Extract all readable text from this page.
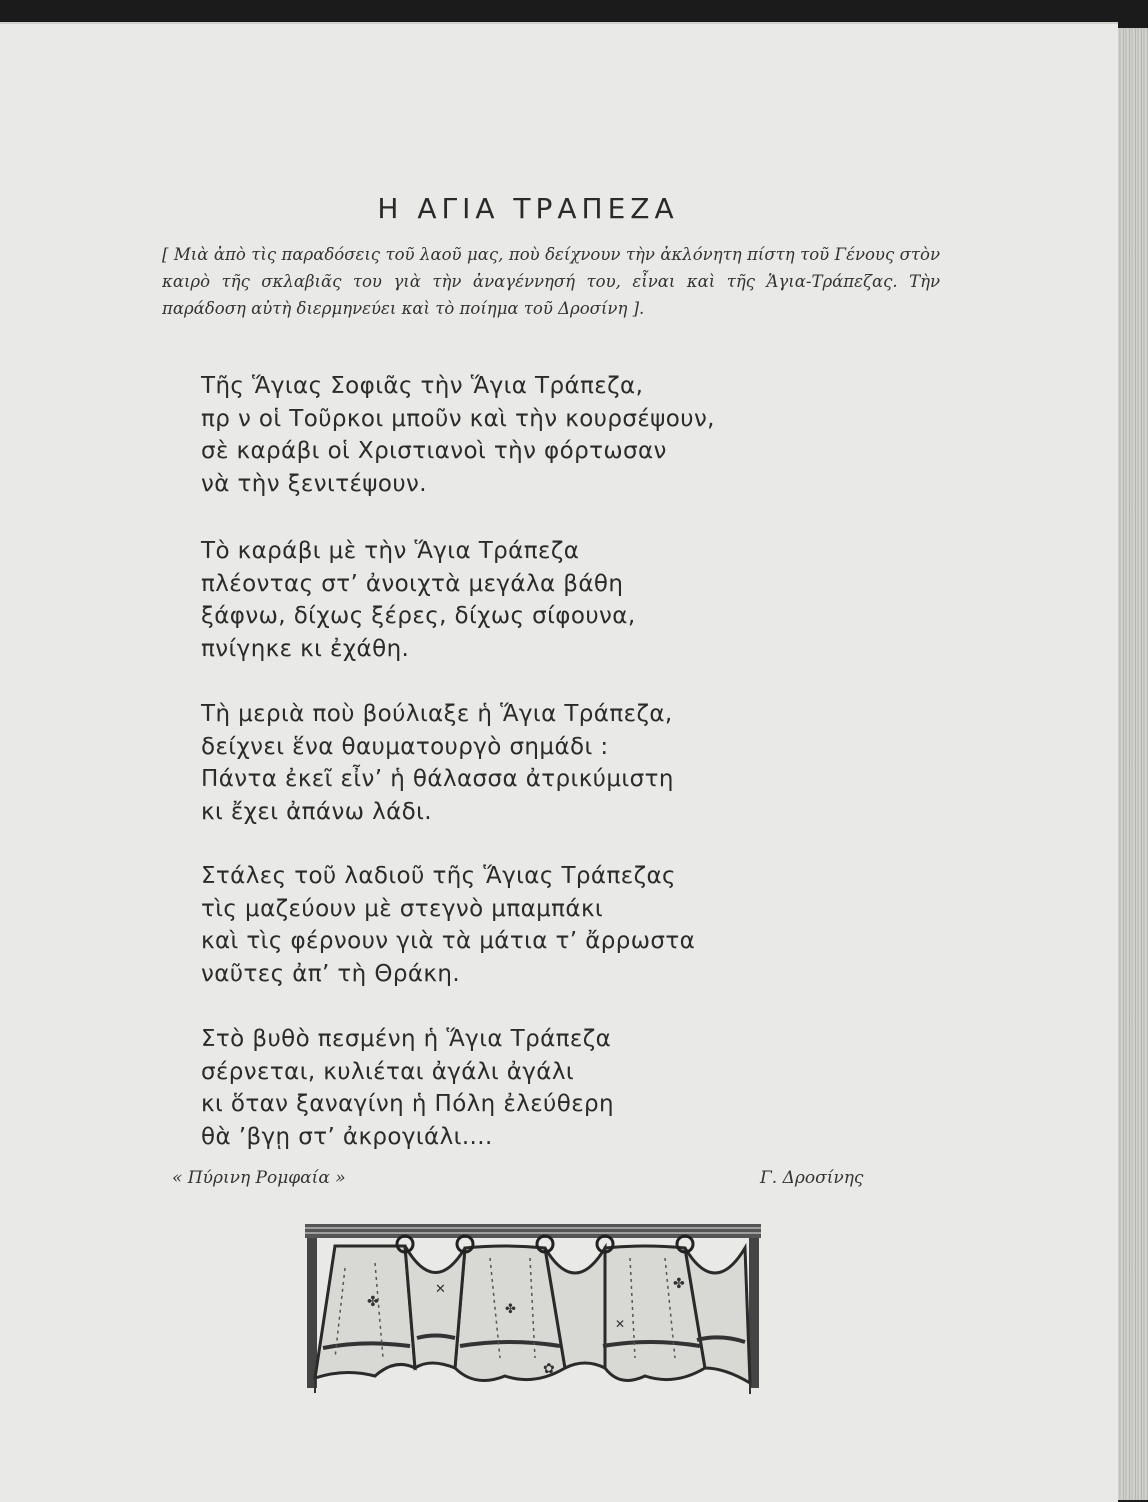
Η ΑΓΙΑ ΤΡΑΠΕΖΑ
[ Μιὰ ἀπὸ τὶς παραδόσεις τοῦ λαοῦ μας, ποὺ δείχνουν τὴν ἀκλόνητη πίστη τοῦ Γένους στὸν καιρὸ τῆς σκλαβιᾶς του γιὰ τὴν ἀναγέννησή του, εἶναι καὶ τῆς Ἁγια-Τράπεζας. Τὴν παράδοση αὐτὴ διερμηνεύει καὶ τὸ ποίημα τοῦ Δροσίνη ].
Τῆς Ἅγιας Σοφιᾶς τὴν Ἅγια Τράπεζα,
πρ ν οἱ Τοῦρκοι μποῦν καὶ τὴν κουρσέψουν,
σὲ καράβι οἱ Χριστιανοὶ τὴν φόρτωσαν
νὰ τὴν ξενιτέψουν.
Τὸ καράβι μὲ τὴν Ἅγια Τράπεζα
πλέοντας στ’ ἀνοιχτὰ μεγάλα βάθη
ξάφνω, δίχως ξέρες, δίχως σίφουνα,
πνίγηκε κι ἐχάθη.
Τὴ μεριὰ ποὺ βούλιαξε ἡ Ἅγια Τράπεζα,
δείχνει ἕνα θαυματουργὸ σημάδι :
Πάντα ἐκεῖ εἶν’ ἡ θάλασσα ἀτρικύμιστη
κι ἔχει ἀπάνω λάδι.
Στάλες τοῦ λαδιοῦ τῆς Ἅγιας Τράπεζας
τὶς μαζεύουν μὲ στεγνὸ μπαμπάκι
καὶ τὶς φέρνουν γιὰ τὰ μάτια τ’ ἄρρωστα
ναῦτες ἀπ’ τὴ Θράκη.
Στὸ βυθὸ πεσμένη ἡ Ἅγια Τράπεζα
σέρνεται, κυλιέται ἀγάλι ἀγάλι
κι ὅταν ξαναγίνη ἡ Πόλη ἐλεύθερη
θὰ ’βγῃ στ’ ἀκρογιάλι....
« Πύρινη Ρομφαία »	Γ. Δροσίνης
✤
✕
✤
✿
✤
✕
